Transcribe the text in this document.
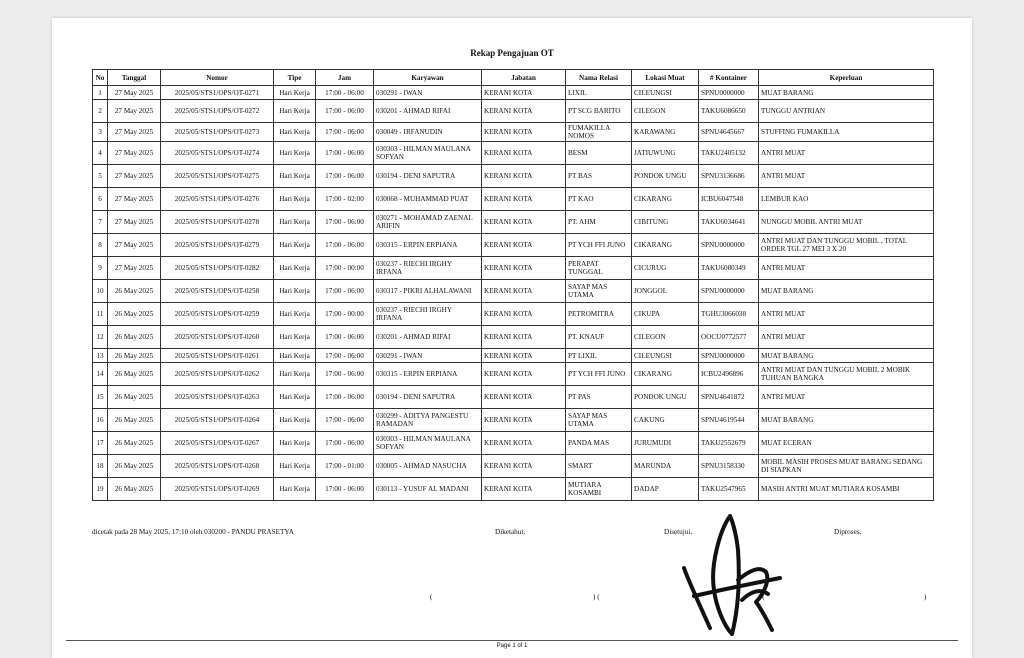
Rekap Pengajuan OT
No	Tanggal	Nomor	Tipe	Jam	Karyawan	Jabatan	Nama Relasi	Lokasi Muat	# Kontainer	Keperluan
1	27 May 2025	2025/05/STS1/OPS/OT-0271	Hari Kerja	17:00 - 06:00	030291 - IWAN	KERANI KOTA	LIXIL	CILEUNGSI	SPNU0000000	MUAT BARANG
2	27 May 2025	2025/05/STS1/OPS/OT-0272	Hari Kerja	17:00 - 06:00	030201 - AHMAD RIFAI	KERANI KOTA	PT SCG BARITO	CILEGON	TAKU6086650	TUNGGU ANTRIAN
3	27 May 2025	2025/05/STS1/OPS/OT-0273	Hari Kerja	17:00 - 06:00	030049 - IRFANUDIN	KERANI KOTA	FUMAKILLA NOMOS	KARAWANG	SPNU4645667	STUFFING FUMAKILLA
4	27 May 2025	2025/05/STS1/OPS/OT-0274	Hari Kerja	17:00 - 06:00	030303 - HILMAN MAULANA SOFYAN	KERANI KOTA	BESM	JATIUWUNG	TAKU2405132	ANTRI MUAT
5	27 May 2025	2025/05/STS1/OPS/OT-0275	Hari Kerja	17:00 - 06:00	030194 - DENI SAPUTRA	KERANI KOTA	PT BAS	PONDOK UNGU	SPNU3136686	ANTRI MUAT
6	27 May 2025	2025/05/STS1/OPS/OT-0276	Hari Kerja	17:00 - 02:00	030068 - MUHAMMAD PUAT	KERANI KOTA	PT KAO	CIKARANG	ICBU6047548	LEMBUR KAO
7	27 May 2025	2025/05/STS1/OPS/OT-0278	Hari Kerja	17:00 - 06:00	030271 - MOHAMAD ZAENAL ARIFIN	KERANI KOTA	PT. AHM	CIBITUNG	TAKU6034641	NUNGGU MOBIL ANTRI MUAT
8	27 May 2025	2025/05/STS1/OPS/OT-0279	Hari Kerja	17:00 - 06:00	030315 - ERPIN ERPIANA	KERANI KOTA	PT YCH FFI JUNO	CIKARANG	SPNU0000000	ANTRI MUAT DAN TUNGGU MOBIL , TOTAL ORDER TGL 27 MEI 3 X 20
9	27 May 2025	2025/05/STS1/OPS/OT-0282	Hari Kerja	17:00 - 00:00	030237 - RIECHI IRGHY IRFANA	KERANI KOTA	PERAPAT TUNGGAL	CICURUG	TAKU6080349	ANTRI MUAT
10	26 May 2025	2025/05/STS1/OPS/OT-0258	Hari Kerja	17:00 - 06:00	030317 - PIKRI ALHALAWANI	KERANI KOTA	SAYAP MAS UTAMA	JONGGOL	SPNU0000000	MUAT BARANG
11	26 May 2025	2025/05/STS1/OPS/OT-0259	Hari Kerja	17:00 - 00:00	030237 - RIECHI IRGHY IRFANA	KERANI KOTA	PETROMITRA	CIKUPA	TGHU3066038	ANTRI MUAT
12	26 May 2025	2025/05/STS1/OPS/OT-0260	Hari Kerja	17:00 - 06:00	030201 - AHMAD RIFAI	KERANI KOTA	PT. KNAUF	CILEGON	OOCU0772577	ANTRI MUAT
13	26 May 2025	2025/05/STS1/OPS/OT-0261	Hari Kerja	17:00 - 06:00	030291 - IWAN	KERANI KOTA	PT LIXIL	CILEUNGSI	SPNU0000000	MUAT BARANG
14	26 May 2025	2025/05/STS1/OPS/OT-0262	Hari Kerja	17:00 - 06:00	030315 - ERPIN ERPIANA	KERANI KOTA	PT YCH FFI JUNO	CIKARANG	ICBU2496896	ANTRI MUAT DAN TUNGGU MOBIL 2 MOBIK TUHUAN BANGKA
15	26 May 2025	2025/05/STS1/OPS/OT-0263	Hari Kerja	17:00 - 06:00	030194 - DENI SAPUTRA	KERANI KOTA	PT PAS	PONDOK UNGU	SPNU4641872	ANTRI MUAT
16	26 May 2025	2025/05/STS1/OPS/OT-0264	Hari Kerja	17:00 - 06:00	030299 - ADITYA PANGESTU RAMADAN	KERANI KOTA	SAYAP MAS UTAMA	CAKUNG	SPNU4619544	MUAT BARANG
17	26 May 2025	2025/05/STS1/OPS/OT-0267	Hari Kerja	17:00 - 06:00	030303 - HILMAN MAULANA SOFYAN	KERANI KOTA	PANDA MAS	JURUMUDI	TAKU2552679	MUAT ECERAN
18	26 May 2025	2025/05/STS1/OPS/OT-0268	Hari Kerja	17:00 - 01:00	030005 - AHMAD NASUCHA	KERANI KOTA	SMART	MARUNDA	SPNU3158330	MOBIL MASIH PROSES MUAT BARANG SEDANG DI SIAPKAN
19	26 May 2025	2025/05/STS1/OPS/OT-0269	Hari Kerja	17:00 - 06:00	030113 - YUSUF AL MADANI	KERANI KOTA	MUTIARA KOSAMBI	DADAP	TAKU2547965	MASIH ANTRI MUAT MUTIARA KOSAMBI
dicetak pada 28 May 2025, 17:10 oleh 030200 - PANDU PRASETYA	Diketahui,	Disetujui,	Diproses,
(	) (	) (	)
Page 1 of 1
